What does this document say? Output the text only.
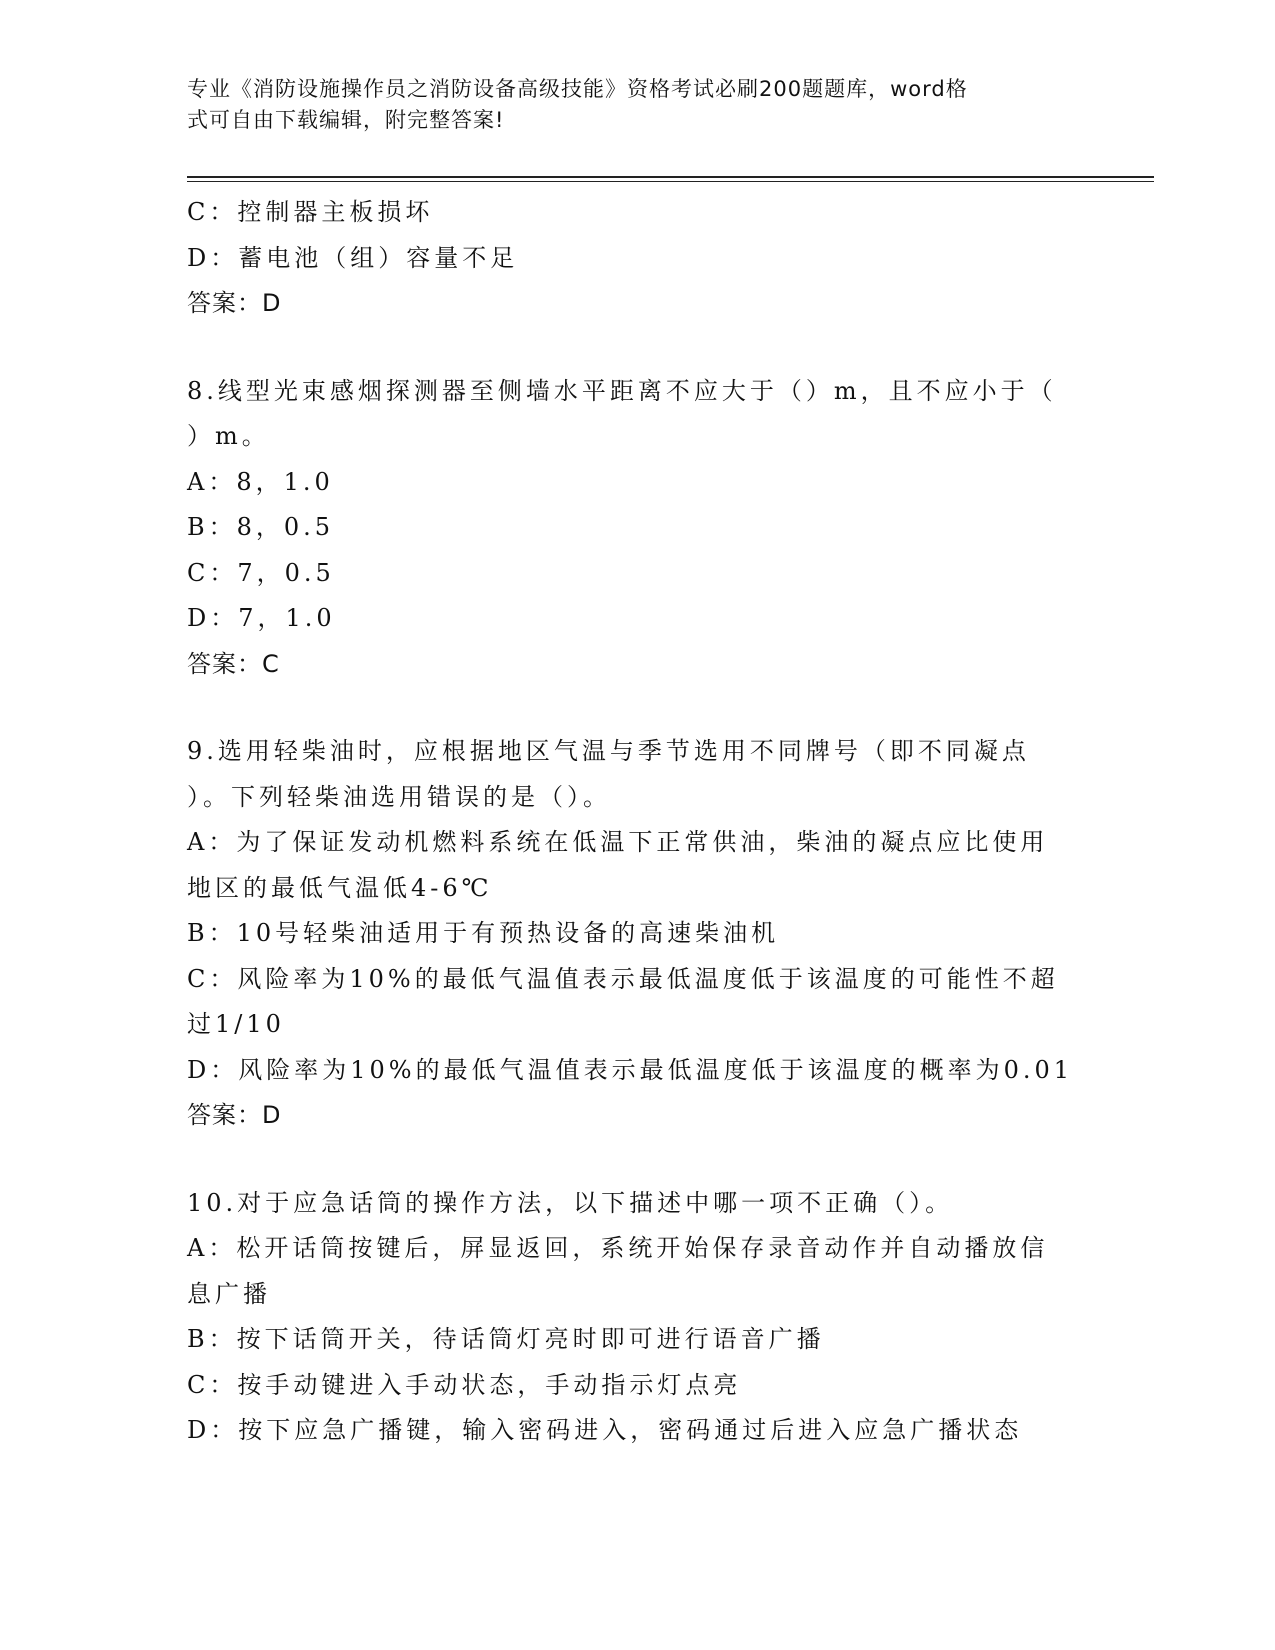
专业《消防设施操作员之消防设备高级技能》资格考试必刷200题题库，word格
式可自由下载编辑，附完整答案!
C：控制器主板损坏
D：蓄电池（组）容量不足
答案：D
8.线型光束感烟探测器至侧墙水平距离不应大于（）m，且不应小于（
）m。
A：8，1.0
B：8，0.5
C：7，0.5
D：7，1.0
答案：C
9.选用轻柴油时，应根据地区气温与季节选用不同牌号（即不同凝点
）。下列轻柴油选用错误的是（）。
A：为了保证发动机燃料系统在低温下正常供油，柴油的凝点应比使用
地区的最低气温低4-6℃
B：10号轻柴油适用于有预热设备的高速柴油机
C：风险率为10%的最低气温值表示最低温度低于该温度的可能性不超
过1/10
D：风险率为10%的最低气温值表示最低温度低于该温度的概率为0.01
答案：D
10.对于应急话筒的操作方法，以下描述中哪一项不正确（）。
A：松开话筒按键后，屏显返回，系统开始保存录音动作并自动播放信
息广播
B：按下话筒开关，待话筒灯亮时即可进行语音广播
C：按手动键进入手动状态，手动指示灯点亮
D：按下应急广播键，输入密码进入，密码通过后进入应急广播状态
